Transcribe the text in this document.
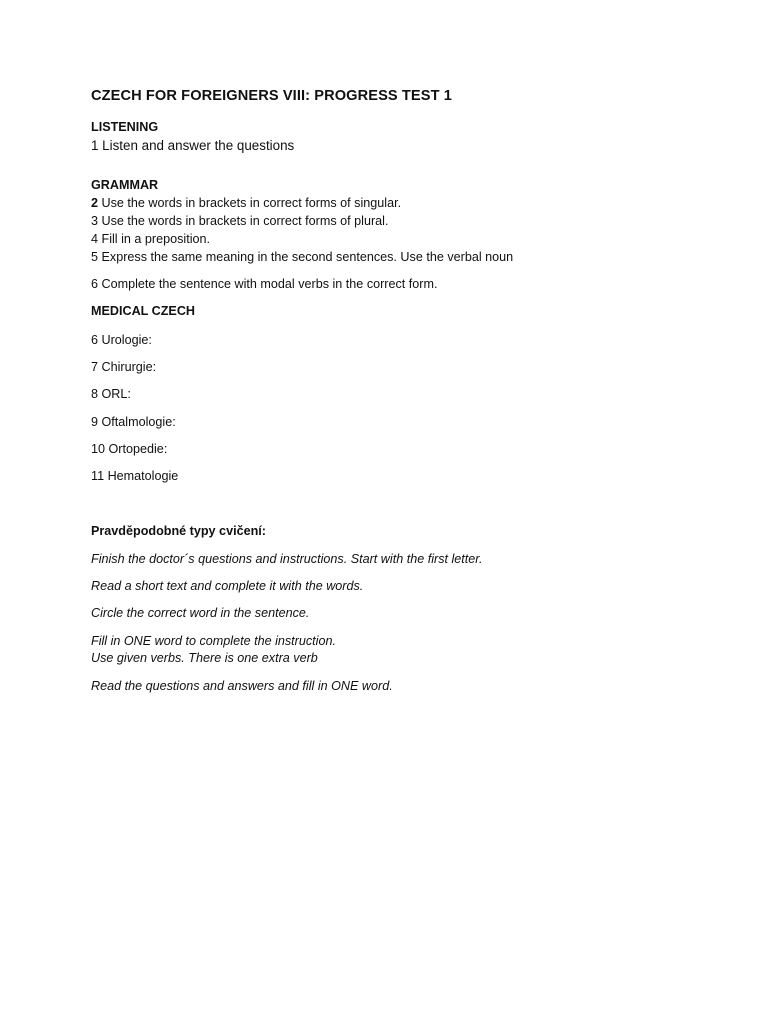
CZECH FOR FOREIGNERS VIII: PROGRESS TEST 1
LISTENING
1 Listen and answer the questions
GRAMMAR
2 Use the words in brackets in correct forms of singular.
3 Use the words in brackets in correct forms of plural.
4 Fill in a preposition.
5 Express the same meaning in the second sentences. Use the verbal noun
6 Complete the sentence with modal verbs in the correct form.
MEDICAL CZECH
6 Urologie:
7 Chirurgie:
8 ORL:
9 Oftalmologie:
10 Ortopedie:
11 Hematologie
Pravděpodobné typy cvičení:
Finish the doctor´s questions and instructions. Start with the first letter.
Read a short text and complete it with the words.
Circle the correct word in the sentence.
Fill in ONE word to complete the instruction.
Use given verbs. There is one extra verb
Read the questions and answers and fill in ONE word.
